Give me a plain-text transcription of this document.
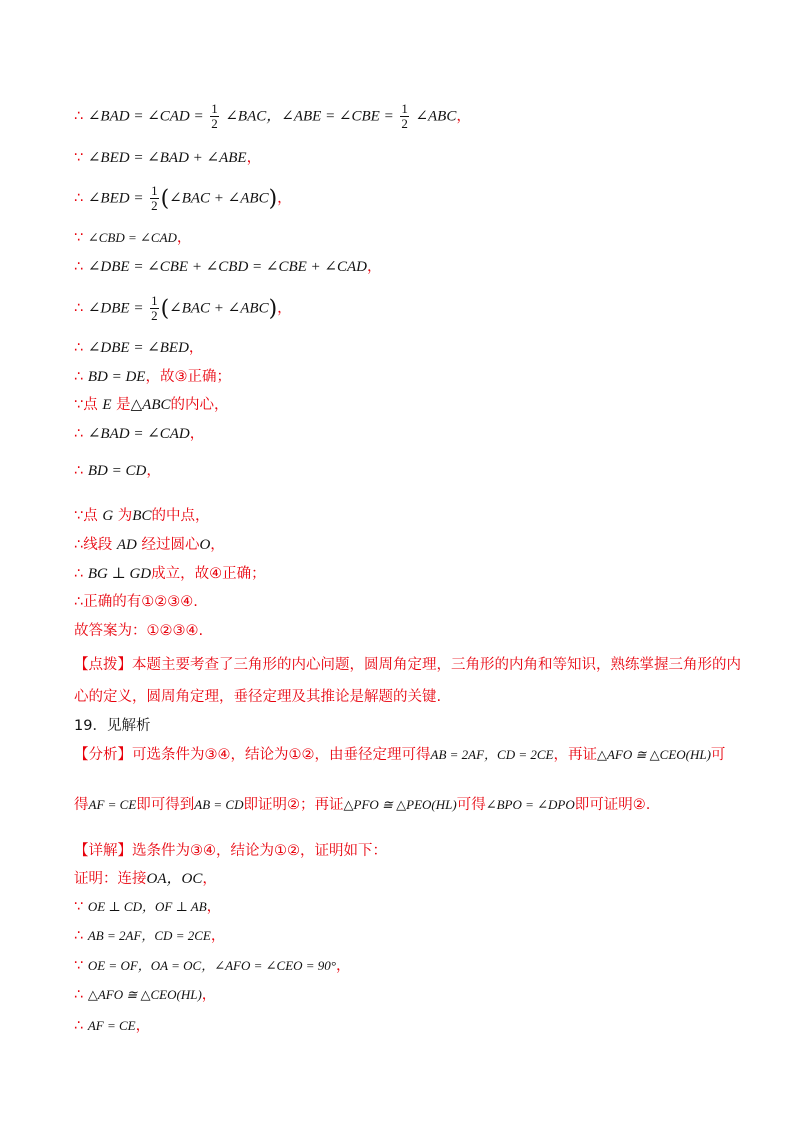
∴ ∠BAD = ∠CAD = $\frac{1}{2}$ ∠BAC，∠ABE = ∠CBE = $\frac{1}{2}$ ∠ABC，
∵ ∠BED = ∠BAD + ∠ABE，
∴ ∠BED = $\frac{1}{2}$ (∠BAC + ∠ABC)，
∵ ∠CBD = ∠CAD，
∴ ∠DBE = ∠CBE + ∠CBD = ∠CBE + ∠CAD，
∴ ∠DBE = $\frac{1}{2}$ (∠BAC + ∠ABC)，
∴ ∠DBE = ∠BED，
∴ BD = DE，故③正确；
∵点 E 是△ABC的内心，
∴ ∠BAD = ∠CAD，
∴ BD = CD，
∵点 G 为BC的中点，
∴线段 AD 经过圆心O，
∴ BG ⊥ GD成立，故④正确；
∴正确的有①②③④.
故答案为：①②③④.
【点拨】本题主要考查了三角形的内心问题，圆周角定理，三角形的内角和等知识，熟练掌握三角形的内
心的定义，圆周角定理，垂径定理及其推论是解题的关键.
19．见解析
【分析】可选条件为③④，结论为①②，由垂径定理可得AB = 2AF，CD = 2CE，再证△AFO ≅ △CEO(HL)可
得AF = CE即可得到AB = CD即证明②；再证△PFO ≅ △PEO(HL)可得∠BPO = ∠DPO即可证明②.
【详解】选条件为③④，结论为①②，证明如下：
证明：连接OA，OC，
∵ OE ⊥ CD，OF ⊥ AB，
∴ AB = 2AF，CD = 2CE，
∵ OE = OF，OA = OC，∠AFO = ∠CEO = 90°，
∴ △AFO ≅ △CEO(HL)，
∴ AF = CE，
